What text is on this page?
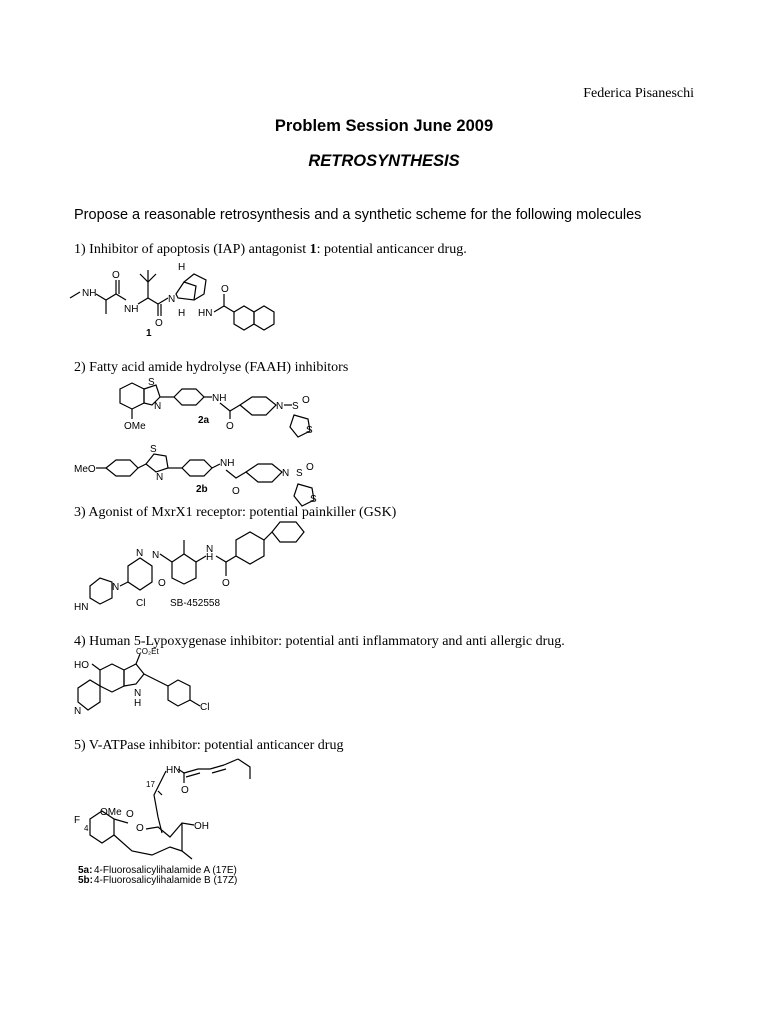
Federica Pisaneschi
Problem Session June 2009
RETROSYNTHESIS
Propose a reasonable retrosynthesis and a synthetic scheme for the following molecules
1) Inhibitor of apoptosis (IAP) antagonist 1: potential anticancer drug.
NH
O
NH
O
N
H
H HN
O
1
2) Fatty acid amide hydrolyse (FAAH) inhibitors
S
N
OMe
NH
O
N S
O
S
2a
MeO
S
N
NH
O
N S
O
S
2b
3) Agonist of MxrX1 receptor: potential painkiller (GSK)
HN
N
N N
Cl
O
H
N
O
SB-452558
4) Human 5-Lypoxygenase inhibitor: potential anti inflammatory and anti allergic drug.
HO
N
N
H
CO₂Et
Cl
5) V-ATPase inhibitor: potential anticancer drug
O
HN
17
OMe
F
4
O
O	OH
5a: 4-Fluorosalicylihalamide A (17E)
5b: 4-Fluorosalicylihalamide B (17Z)
